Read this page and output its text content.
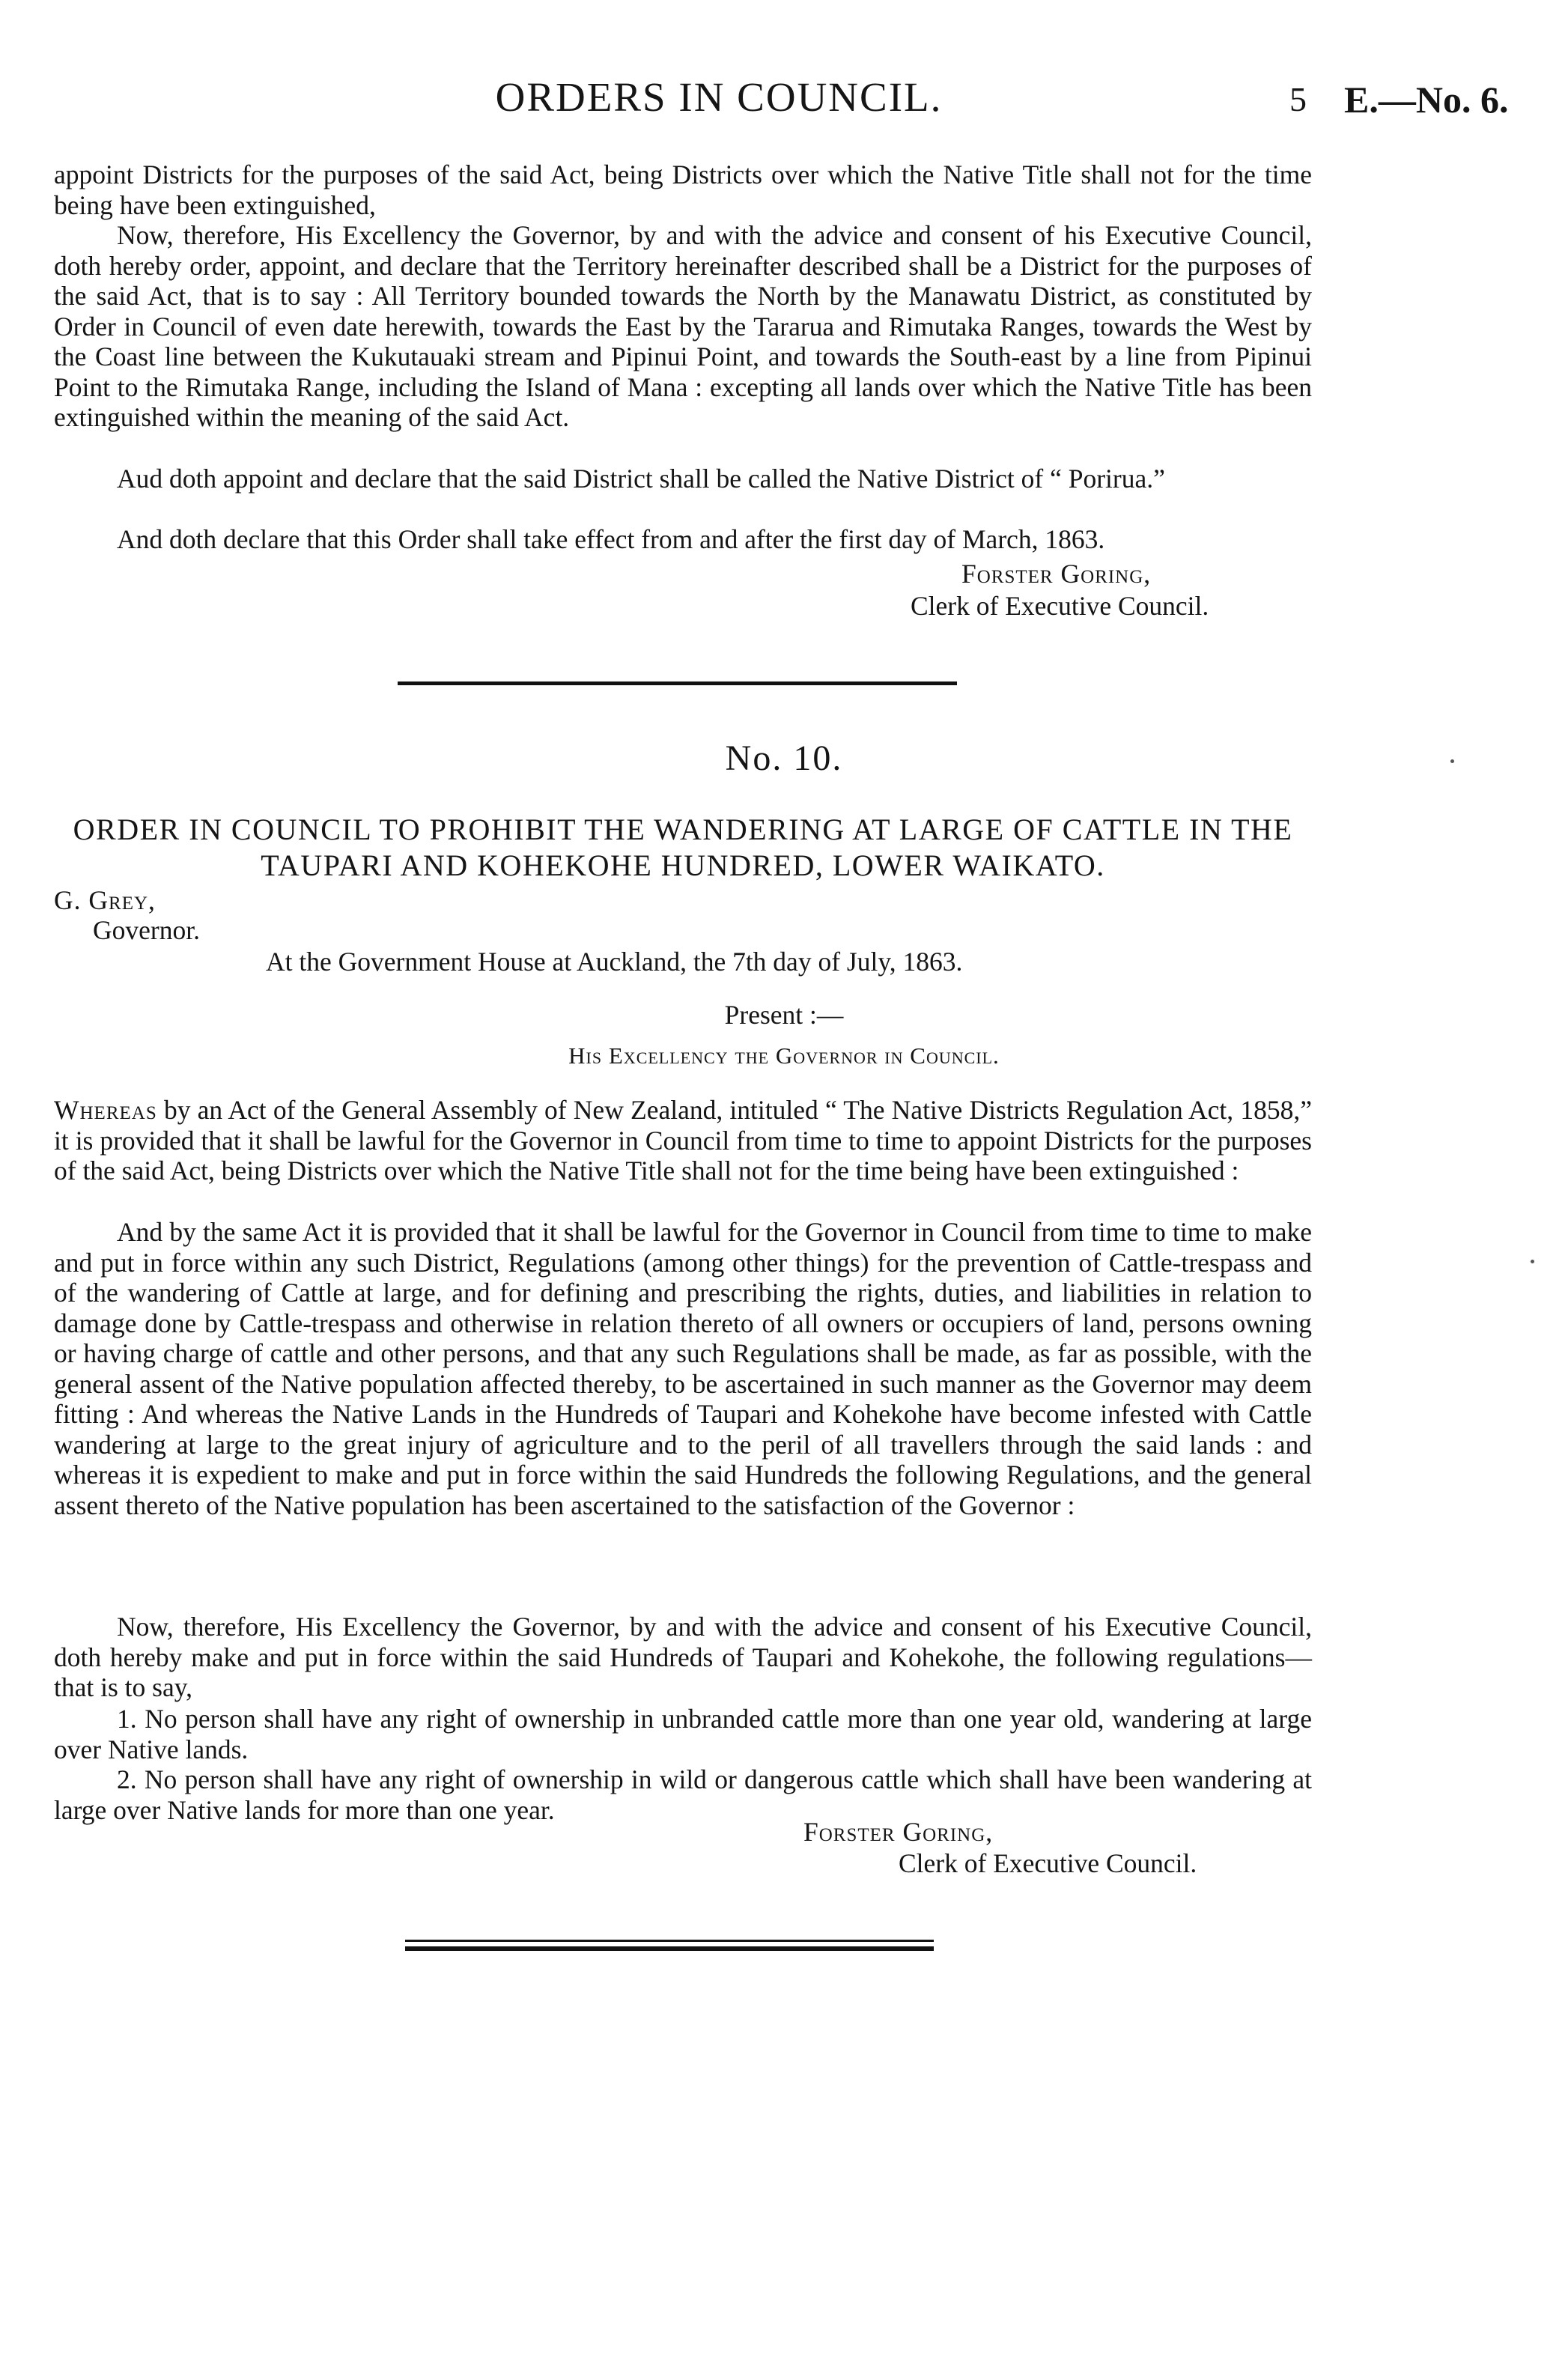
ORDERS IN COUNCIL.	5 E.—No. 6.

appoint Districts for the purposes of the said Act, being Districts over which the Native Title shall not for the time being have been extinguished,

Now, therefore, His Excellency the Governor, by and with the advice and consent of his Executive Council, doth hereby order, appoint, and declare that the Territory hereinafter described shall be a District for the purposes of the said Act, that is to say : All Territory bounded towards the North by the Manawatu District, as constituted by Order in Council of even date herewith, towards the East by the Tararua and Rimutaka Ranges, towards the West by the Coast line between the Kukutauaki stream and Pipinui Point, and towards the South-east by a line from Pipinui Point to the Rimutaka Range, including the Island of Mana : excepting all lands over which the Native Title has been extinguished within the meaning of the said Act.

Aud doth appoint and declare that the said District shall be called the Native District of “ Porirua.”

And doth declare that this Order shall take effect from and after the first day of March, 1863.

Forster Goring,
Clerk of Executive Council.
No. 10.

ORDER IN COUNCIL TO PROHIBIT THE WANDERING AT LARGE OF CATTLE IN THE TAUPARI AND KOHEKOHE HUNDRED, LOWER WAIKATO.

G. Grey,
Governor.
At the Government House at Auckland, the 7th day of July, 1863.
Present :—
His Excellency the Governor in Council.

Whereas by an Act of the General Assembly of New Zealand, intituled “ The Native Districts Regulation Act, 1858,” it is provided that it shall be lawful for the Governor in Council from time to time to appoint Districts for the purposes of the said Act, being Districts over which the Native Title shall not for the time being have been extinguished :

And by the same Act it is provided that it shall be lawful for the Governor in Council from time to time to make and put in force within any such District, Regulations (among other things) for the prevention of Cattle-trespass and of the wandering of Cattle at large, and for defining and prescribing the rights, duties, and liabilities in relation to damage done by Cattle-trespass and otherwise in relation thereto of all owners or occupiers of land, persons owning or having charge of cattle and other persons, and that any such Regulations shall be made, as far as possible, with the general assent of the Native population affected thereby, to be ascertained in such manner as the Governor may deem fitting : And whereas the Native Lands in the Hundreds of Taupari and Kohekohe have become infested with Cattle wandering at large to the great injury of agriculture and to the peril of all travellers through the said lands : and whereas it is expedient to make and put in force within the said Hundreds the following Regulations, and the general assent thereto of the Native population has been ascertained to the satisfaction of the Governor :

Now, therefore, His Excellency the Governor, by and with the advice and consent of his Executive Council, doth hereby make and put in force within the said Hundreds of Taupari and Kohekohe, the following regulations—that is to say,

1. No person shall have any right of ownership in unbranded cattle more than one year old, wandering at large over Native lands.

2. No person shall have any right of ownership in wild or dangerous cattle which shall have been wandering at large over Native lands for more than one year.

Forster Goring,
Clerk of Executive Council.
